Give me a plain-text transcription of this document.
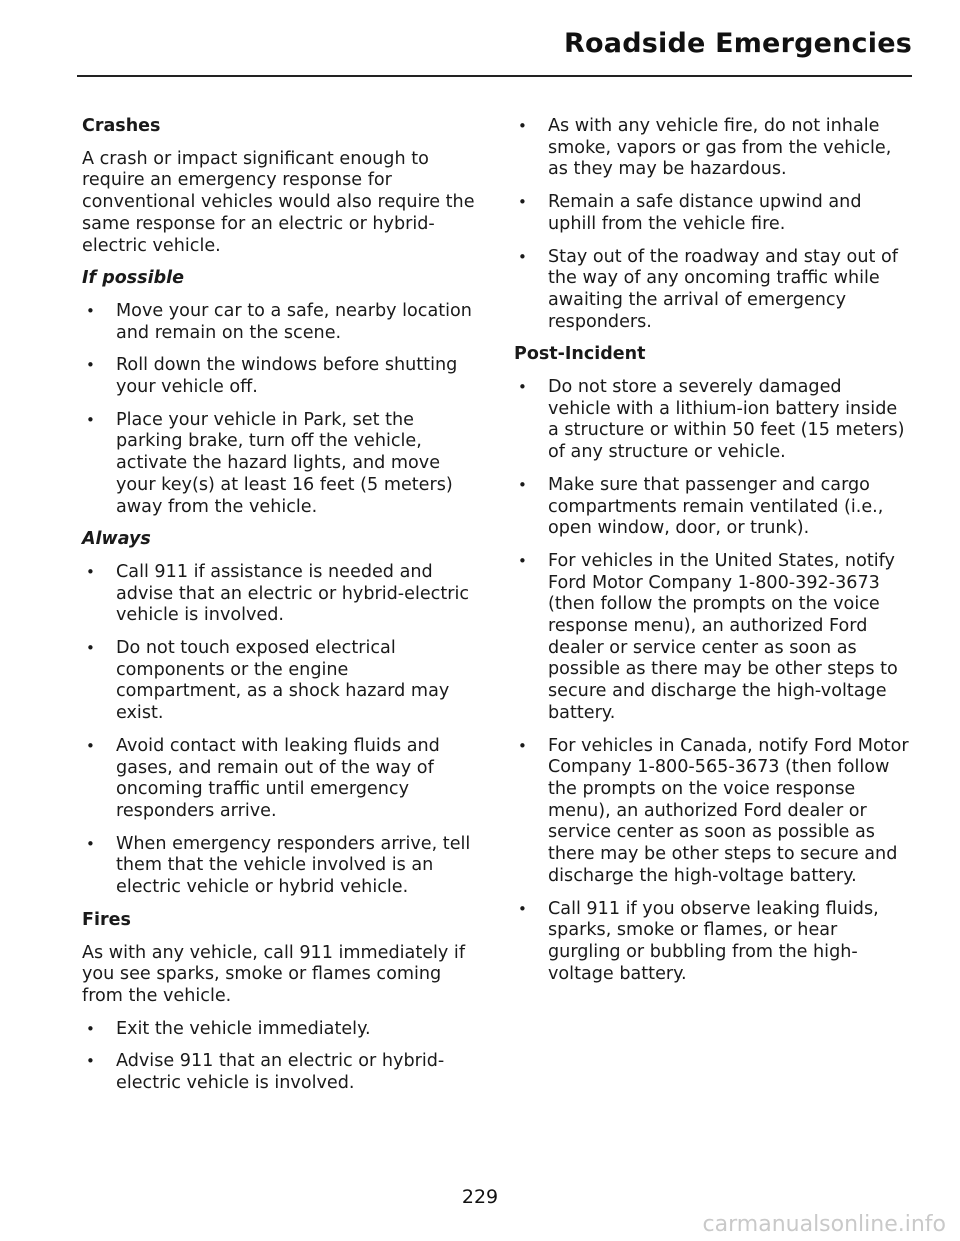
Roadside Emergencies
Crashes
A crash or impact significant enough to require an emergency response for conventional vehicles would also require the same response for an electric or hybrid-electric vehicle.
If possible
• Move your car to a safe, nearby location and remain on the scene.
• Roll down the windows before shutting your vehicle off.
• Place your vehicle in Park, set the parking brake, turn off the vehicle, activate the hazard lights, and move your key(s) at least 16 feet (5 meters) away from the vehicle.
Always
• Call 911 if assistance is needed and advise that an electric or hybrid-electric vehicle is involved.
• Do not touch exposed electrical components or the engine compartment, as a shock hazard may exist.
• Avoid contact with leaking fluids and gases, and remain out of the way of oncoming traffic until emergency responders arrive.
• When emergency responders arrive, tell them that the vehicle involved is an electric vehicle or hybrid vehicle.
Fires
As with any vehicle, call 911 immediately if you see sparks, smoke or flames coming from the vehicle.
• Exit the vehicle immediately.
• Advise 911 that an electric or hybrid-electric vehicle is involved.
• As with any vehicle fire, do not inhale smoke, vapors or gas from the vehicle, as they may be hazardous.
• Remain a safe distance upwind and uphill from the vehicle fire.
• Stay out of the roadway and stay out of the way of any oncoming traffic while awaiting the arrival of emergency responders.
Post-Incident
• Do not store a severely damaged vehicle with a lithium-ion battery inside a structure or within 50 feet (15 meters) of any structure or vehicle.
• Make sure that passenger and cargo compartments remain ventilated (i.e., open window, door, or trunk).
• For vehicles in the United States, notify Ford Motor Company 1-800-392-3673 (then follow the prompts on the voice response menu), an authorized Ford dealer or service center as soon as possible as there may be other steps to secure and discharge the high-voltage battery.
• For vehicles in Canada, notify Ford Motor Company 1-800-565-3673 (then follow the prompts on the voice response menu), an authorized Ford dealer or service center as soon as possible as there may be other steps to secure and discharge the high-voltage battery.
• Call 911 if you observe leaking fluids, sparks, smoke or flames, or hear gurgling or bubbling from the high-voltage battery.
229
carmanualsonline.info
